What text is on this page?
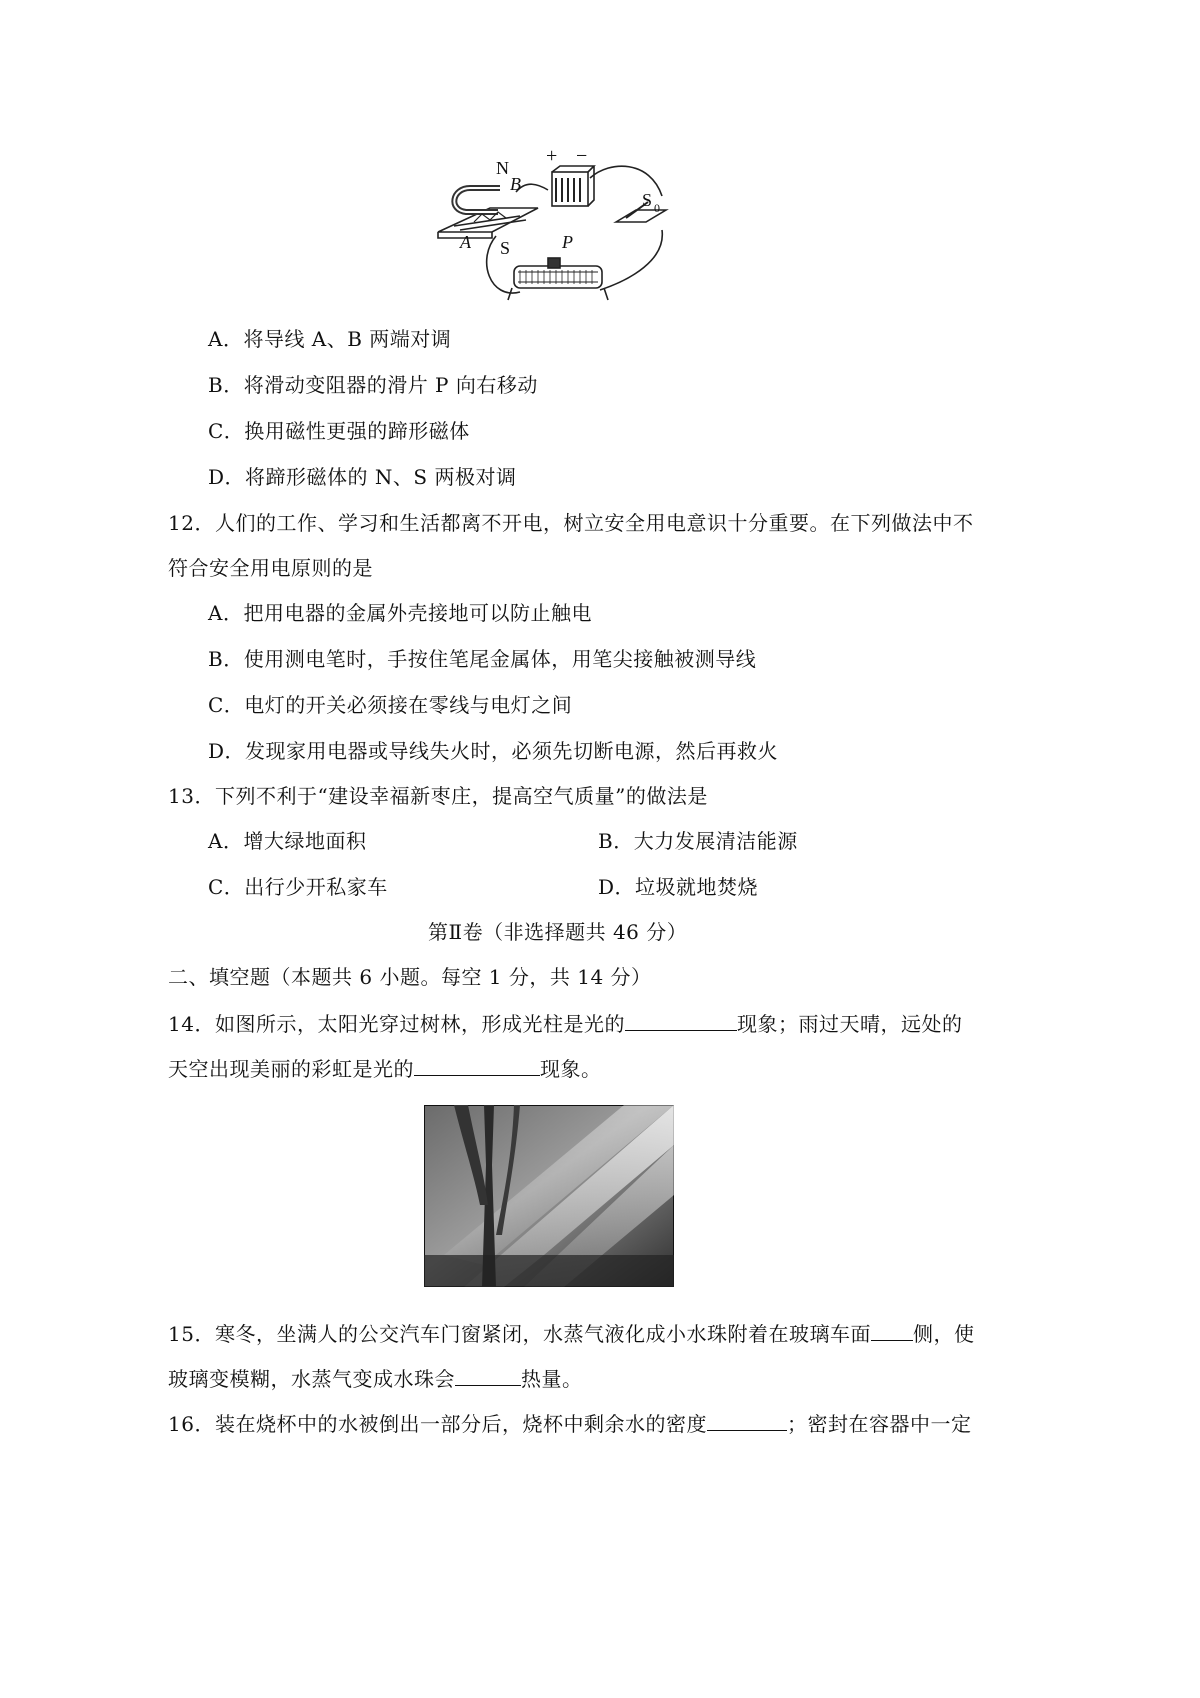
N
B
A S	P
+ −
S 0
A．将导线 A、B 两端对调
B．将滑动变阻器的滑片 P 向右移动
C．换用磁性更强的蹄形磁体
D．将蹄形磁体的 N、S 两极对调
12．人们的工作、学习和生活都离不开电，树立安全用电意识十分重要。在下列做法中不
符合安全用电原则的是
A．把用电器的金属外壳接地可以防止触电
B．使用测电笔时，手按住笔尾金属体，用笔尖接触被测导线
C．电灯的开关必须接在零线与电灯之间
D．发现家用电器或导线失火时，必须先切断电源，然后再救火
13．下列不利于“建设幸福新枣庄，提高空气质量”的做法是
A．增大绿地面积	B．大力发展清洁能源
C．出行少开私家车	D．垃圾就地焚烧
第Ⅱ卷（非选择题共 46 分）
二、填空题（本题共 6 小题。每空 1 分，共 14 分）
14．如图所示，太阳光穿过树林，形成光柱是光的	现象；雨过天晴，远处的
天空出现美丽的彩虹是光的	现象。
15．寒冬，坐满人的公交汽车门窗紧闭，水蒸气液化成小水珠附着在玻璃车面 侧，使
玻璃变模糊，水蒸气变成水珠会	热量。
16．装在烧杯中的水被倒出一部分后，烧杯中剩余水的密度	；密封在容器中一定
